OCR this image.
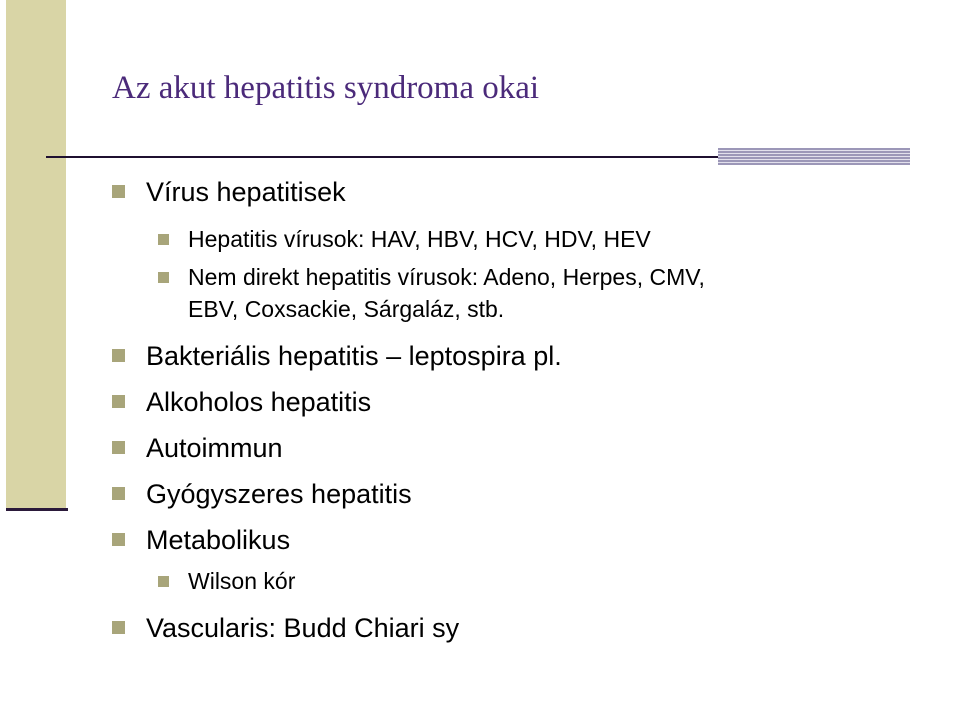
Az akut hepatitis syndroma okai
Vírus hepatitisek
Hepatitis vírusok: HAV, HBV, HCV, HDV, HEV
Nem direkt hepatitis vírusok: Adeno, Herpes, CMV,
EBV, Coxsackie, Sárgaláz, stb.
Bakteriális hepatitis – leptospira pl.
Alkoholos hepatitis
Autoimmun
Gyógyszeres hepatitis
Metabolikus
Wilson kór
Vascularis: Budd Chiari sy
